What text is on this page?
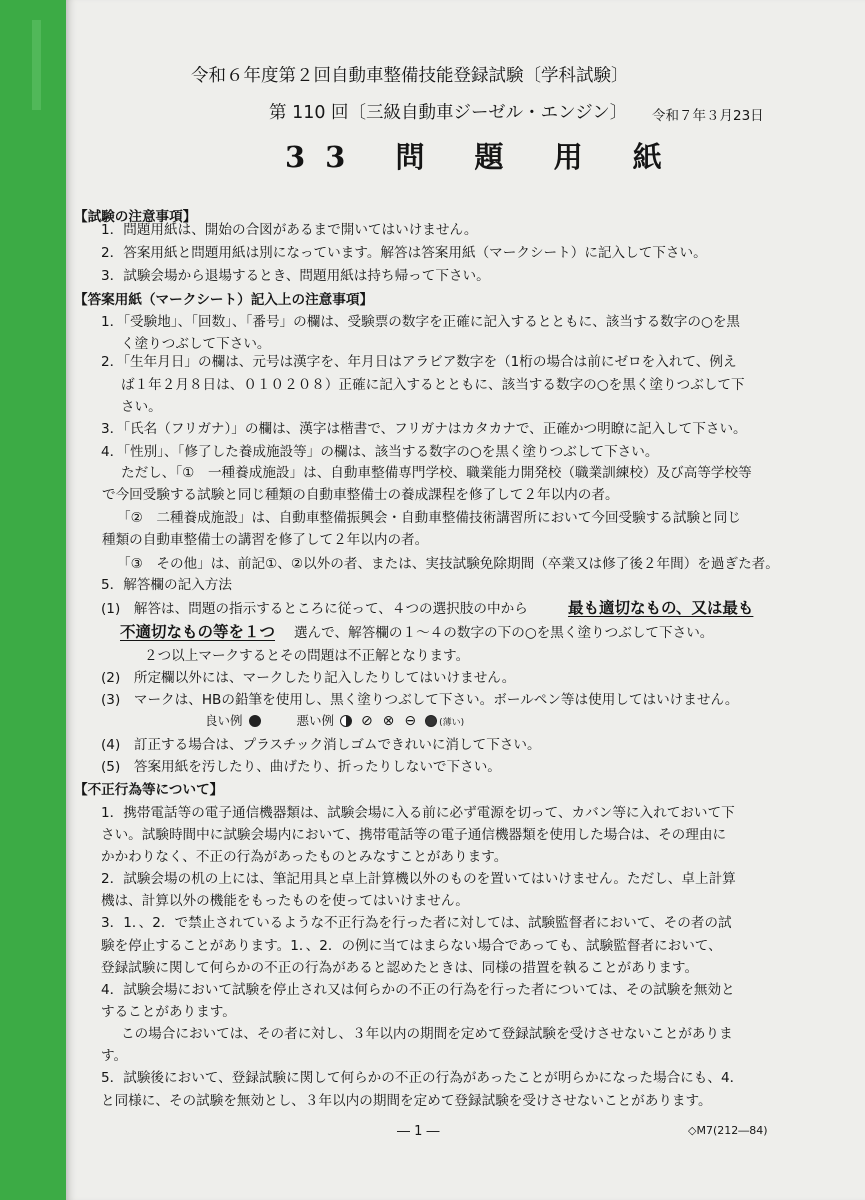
令和６年度第２回自動車整備技能登録試験〔学科試験〕
第 110 回〔三級自動車ジーゼル・エンジン〕 令和７年３月23日
33 問 題 用 紙
【試験の注意事項】
1．問題用紙は、開始の合図があるまで開いてはいけません。
2．答案用紙と問題用紙は別になっています。解答は答案用紙（マークシート）に記入して下さい。
3．試験会場から退場するとき、問題用紙は持ち帰って下さい。
【答案用紙（マークシート）記入上の注意事項】
1．「受験地」、「回数」、「番号」の欄は、受験票の数字を正確に記入するとともに、該当する数字の○を黒
く塗りつぶして下さい。
2．「生年月日」の欄は、元号は漢字を、年月日はアラビア数字を（1桁の場合は前にゼロを入れて、例え
ば１年２月８日は、０１０２０８）正確に記入するとともに、該当する数字の○を黒く塗りつぶして下
さい。
3．「氏名（フリガナ）」の欄は、漢字は楷書で、フリガナはカタカナで、正確かつ明瞭に記入して下さい。
4．「性別」、「修了した養成施設等」の欄は、該当する数字の○を黒く塗りつぶして下さい。
ただし、「①　一種養成施設」は、自動車整備専門学校、職業能力開発校（職業訓練校）及び高等学校等
で今回受験する試験と同じ種類の自動車整備士の養成課程を修了して２年以内の者。
「②　二種養成施設」は、自動車整備振興会・自動車整備技術講習所において今回受験する試験と同じ
種類の自動車整備士の講習を修了して２年以内の者。
「③　その他」は、前記①、②以外の者、または、実技試験免除期間（卒業又は修了後２年間）を過ぎた者。
5．解答欄の記入方法
(1)　解答は、問題の指示するところに従って、４つの選択肢の中から	最も適切なもの、又は最も
不適切なもの等を１つ 選んで、解答欄の１～４の数字の下の○を黒く塗りつぶして下さい。
２つ以上マークするとその問題は不正解となります。
(2)　所定欄以外には、マークしたり記入したりしてはいけません。
(3)　マークは、HBの鉛筆を使用し、黒く塗りつぶして下さい。ボールペン等は使用してはいけません。
良い例	悪い例 ⊘ ⊗ ⊖	(薄い)
(4)　訂正する場合は、プラスチック消しゴムできれいに消して下さい。
(5)　答案用紙を汚したり、曲げたり、折ったりしないで下さい。
【不正行為等について】
1．携帯電話等の電子通信機器類は、試験会場に入る前に必ず電源を切って、カバン等に入れておいて下
さい。試験時間中に試験会場内において、携帯電話等の電子通信機器類を使用した場合は、その理由に
かかわりなく、不正の行為があったものとみなすことがあります。
2．試験会場の机の上には、筆記用具と卓上計算機以外のものを置いてはいけません。ただし、卓上計算
機は、計算以外の機能をもったものを使ってはいけません。
3．1．、2．で禁止されているような不正行為を行った者に対しては、試験監督者において、その者の試
験を停止することがあります。1．、2．の例に当てはまらない場合であっても、試験監督者において、
登録試験に関して何らかの不正の行為があると認めたときは、同様の措置を執ることがあります。
4．試験会場において試験を停止され又は何らかの不正の行為を行った者については、その試験を無効と
することがあります。
この場合においては、その者に対し、３年以内の期間を定めて登録試験を受けさせないことがありま
す。
5．試験後において、登録試験に関して何らかの不正の行為があったことが明らかになった場合にも、4．
と同様に、その試験を無効とし、３年以内の期間を定めて登録試験を受けさせないことがあります。
― 1 ―	◇M7(212―84)
